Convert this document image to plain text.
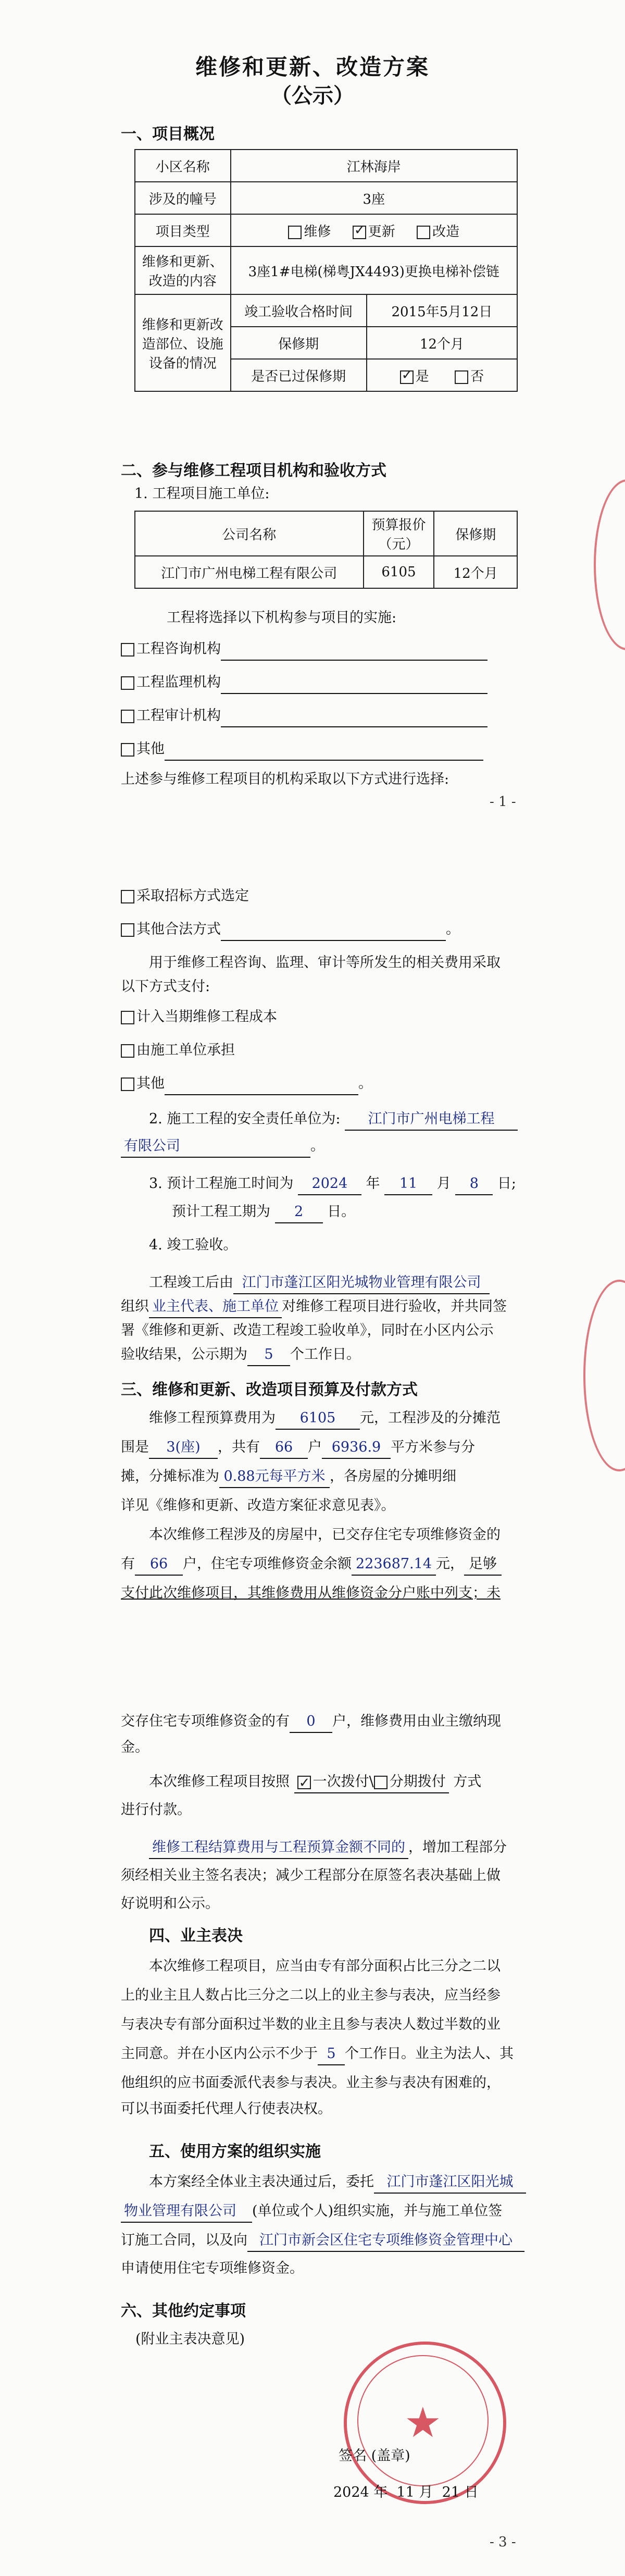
维修和更新、改造方案
（公示）
一、项目概况
小区名称	江林海岸	
涉及的幢号	3座	
项目类型	维修 ✓ 更新 改造
维修和更新、改造的内容	3座1#电梯(梯粤JX4493)更换电梯补偿链	
维修和更新改造部位、设施设备的情况	竣工验收合格时间	2015年5月12日
	保修期	12个月
	是否已过保修期	✓是 否
二、参与维修工程项目机构和验收方式
1. 工程项目施工单位:
公司名称	预算报价（元）	保修期
江门市广州电梯工程有限公司	6105	12个月
工程将选择以下机构参与项目的实施:
工程咨询机构
工程监理机构
工程审计机构
其他
上述参与维修工程项目的机构采取以下方式进行选择:
- 1 -
采取招标方式选定
其他合法方式	。
用于维修工程咨询、监理、审计等所发生的相关费用采取
以下方式支付:
计入当期维修工程成本
由施工单位承担
其他	。
2. 施工工程的安全责任单位为: 江门市广州电梯工程
有限公司	。
3. 预计工程施工时间为 2024 年 11 月 8 日;
预计工程工期为 2 日。
4. 竣工验收。
工程竣工后由 江门市蓬江区阳光城物业管理有限公司
组织 业主代表、施工单位 对维修工程项目进行验收，并共同签
署《维修和更新、改造工程竣工验收单》，同时在小区内公示
验收结果，公示期为 5 个工作日。
三、维修和更新、改造项目预算及付款方式
维修工程预算费用为 6105 元，工程涉及的分摊范
围是 3(座) ，共有 66 户 6936.9 平方米参与分
摊，分摊标准为 0.88元每平方米 ，各房屋的分摊明细
详见《维修和更新、改造方案征求意见表》。
本次维修工程涉及的房屋中，已交存住宅专项维修资金的
有 66 户，住宅专项维修资金余额 223687.14 元， 足够
支付此次维修项目，其维修费用从维修资金分户账中列支；未
交存住宅专项维修资金的有 0 户，维修费用由业主缴纳现
金。
本次维修工程项目按照 ✓ 一次拨付\ 分期拨付 方式
进行付款。
维修工程结算费用与工程预算金额不同的 ，增加工程部分
须经相关业主签名表决；减少工程部分在原签名表决基础上做
好说明和公示。
四、业主表决
本次维修工程项目，应当由专有部分面积占比三分之二以
上的业主且人数占比三分之二以上的业主参与表决，应当经参
与表决专有部分面积过半数的业主且参与表决人数过半数的业
主同意。并在小区内公示不少于 5 个工作日。业主为法人、其
他组织的应书面委派代表参与表决。业主参与表决有困难的，
可以书面委托代理人行使表决权。
五、使用方案的组织实施
本方案经全体业主表决通过后，委托 江门市蓬江区阳光城
物业管理有限公司 (单位或个人)组织实施，并与施工单位签
订施工合同，以及向 江门市新会区住宅专项维修资金管理中心
申请使用住宅专项维修资金。
六、其他约定事项
(附业主表决意见)
★
签名 (盖章)
2024 年 11 月 21 日
- 3 -
